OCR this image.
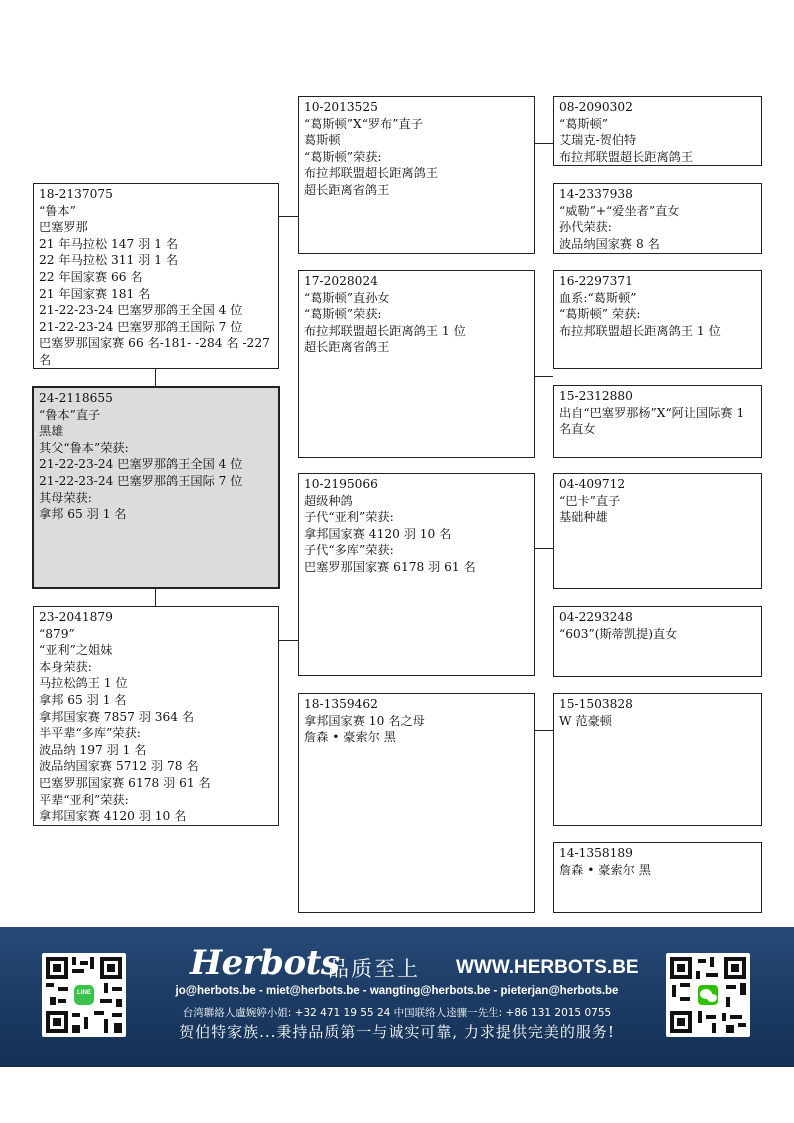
18-2137075
“鲁本”
巴塞罗那
21 年马拉松 147 羽 1 名
22 年马拉松 311 羽 1 名
22 年国家赛 66 名
21 年国家赛 181 名
21-22-23-24 巴塞罗那鸽王全国 4 位
21-22-23-24 巴塞罗那鸽王国际 7 位
巴塞罗那国家赛 66 名-181- -284 名 -227 名
24-2118655
“鲁本”直子
黑雄
其父“鲁本”荣获:
21-22-23-24 巴塞罗那鸽王全国 4 位
21-22-23-24 巴塞罗那鸽王国际 7 位
其母荣获:
拿邦 65 羽 1 名
23-2041879
“879”
“亚利”之姐妹
本身荣获:
马拉松鸽王 1 位
拿邦 65 羽 1 名
拿邦国家赛 7857 羽 364 名
半平辈“多库”荣获:
波品纳 197 羽 1 名
波品纳国家赛 5712 羽 78 名
巴塞罗那国家赛 6178 羽 61 名
平辈“亚利”荣获:
拿邦国家赛 4120 羽 10 名
10-2013525
“葛斯顿”X“罗布”直子
葛斯顿
“葛斯顿”荣获:
布拉邦联盟超长距离鸽王
超长距离省鸽王
17-2028024
“葛斯顿”直孙女
“葛斯顿”荣获:
布拉邦联盟超长距离鸽王 1 位
超长距离省鸽王
10-2195066
超级种鸽
子代“亚利”荣获:
拿邦国家赛 4120 羽 10 名
子代“多库”荣获:
巴塞罗那国家赛 6178 羽 61 名
18-1359462
拿邦国家赛 10 名之母
詹森 • 豪索尔 黑
08-2090302
“葛斯顿”
艾瑞克-贺伯特
布拉邦联盟超长距离鸽王
14-2337938
“威勒”+“爱坐者”直女
孙代荣获:
波品纳国家赛 8 名
16-2297371
血系:“葛斯顿”
“葛斯顿” 荣获:
布拉邦联盟超长距离鸽王 1 位
15-2312880
出自“巴塞罗那杨”X“阿让国际赛 1 名直女
04-409712
“巴卡”直子
基础种雄
04-2293248
“603”(斯蒂凯提)直女
15-1503828
W 范豪顿
14-1358189
詹森 • 豪索尔 黑
LINE
Herbots
品质至上 WWW.HERBOTS.BE
jo@herbots.be - miet@herbots.be - wangting@herbots.be - pieterjan@herbots.be
台湾聯絡人盧婉婷小姐: +32 471 19 55 24 中国联络人逵骤一先生: +86 131 2015 0755
贺伯特家族...秉持品质第一与诚实可靠, 力求提供完美的服务!
